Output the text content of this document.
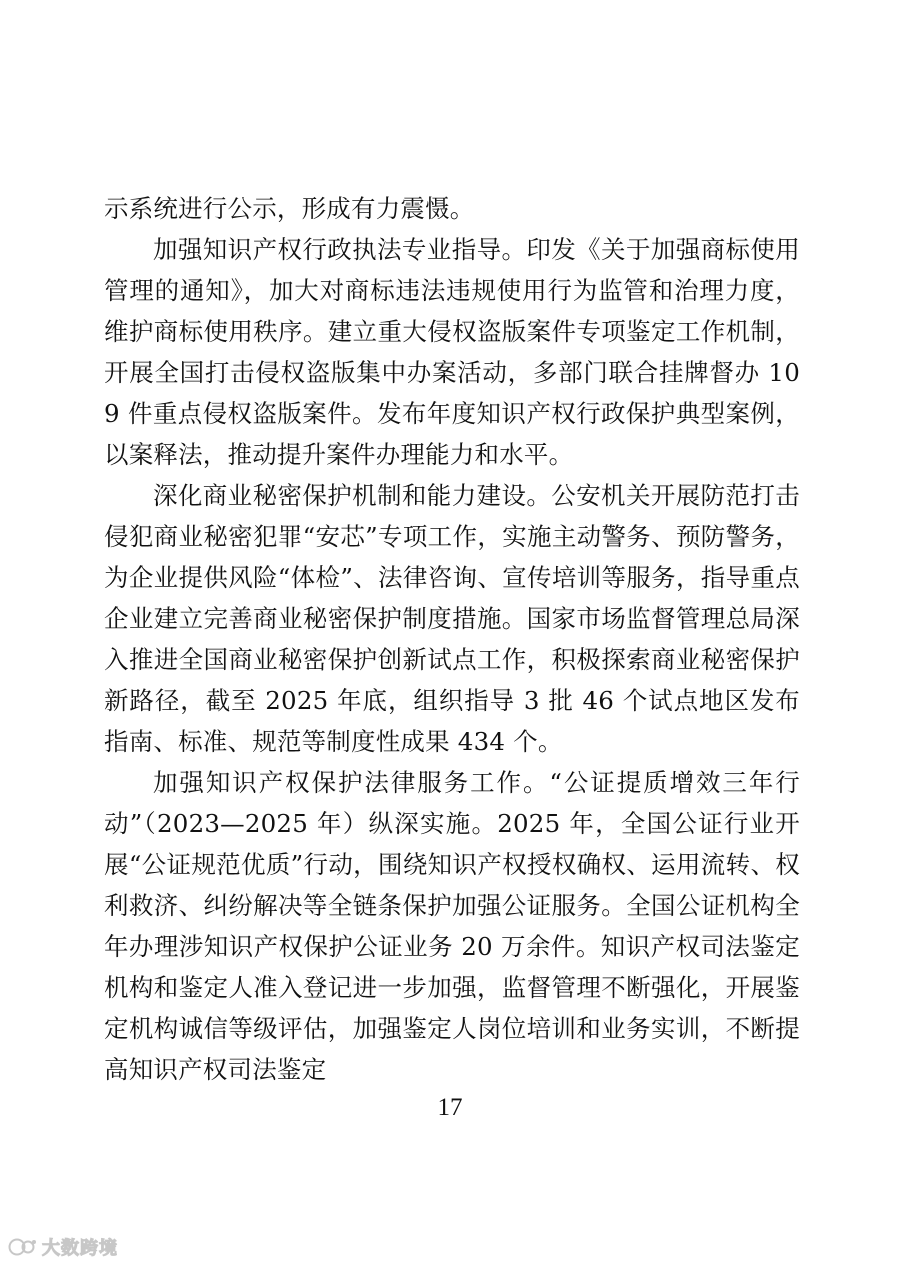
示系统进行公示，形成有力震慑。

加强知识产权行政执法专业指导。印发《关于加强商标使用管理的通知》，加大对商标违法违规使用行为监管和治理力度，维护商标使用秩序。建立重大侵权盗版案件专项鉴定工作机制，开展全国打击侵权盗版集中办案活动，多部门联合挂牌督办 109 件重点侵权盗版案件。发布年度知识产权行政保护典型案例，以案释法，推动提升案件办理能力和水平。

深化商业秘密保护机制和能力建设。公安机关开展防范打击侵犯商业秘密犯罪“安芯”专项工作，实施主动警务、预防警务，为企业提供风险“体检”、法律咨询、宣传培训等服务，指导重点企业建立完善商业秘密保护制度措施。国家市场监督管理总局深入推进全国商业秘密保护创新试点工作，积极探索商业秘密保护新路径，截至 2025 年底，组织指导 3 批 46 个试点地区发布指南、标准、规范等制度性成果 434 个。

加强知识产权保护法律服务工作。“公证提质增效三年行动”（2023—2025 年）纵深实施。2025 年，全国公证行业开展“公证规范优质”行动，围绕知识产权授权确权、运用流转、权利救济、纠纷解决等全链条保护加强公证服务。全国公证机构全年办理涉知识产权保护公证业务 20 万余件。知识产权司法鉴定机构和鉴定人准入登记进一步加强，监督管理不断强化，开展鉴定机构诚信等级评估，加强鉴定人岗位培训和业务实训，不断提高知识产权司法鉴定

17
大数跨境
